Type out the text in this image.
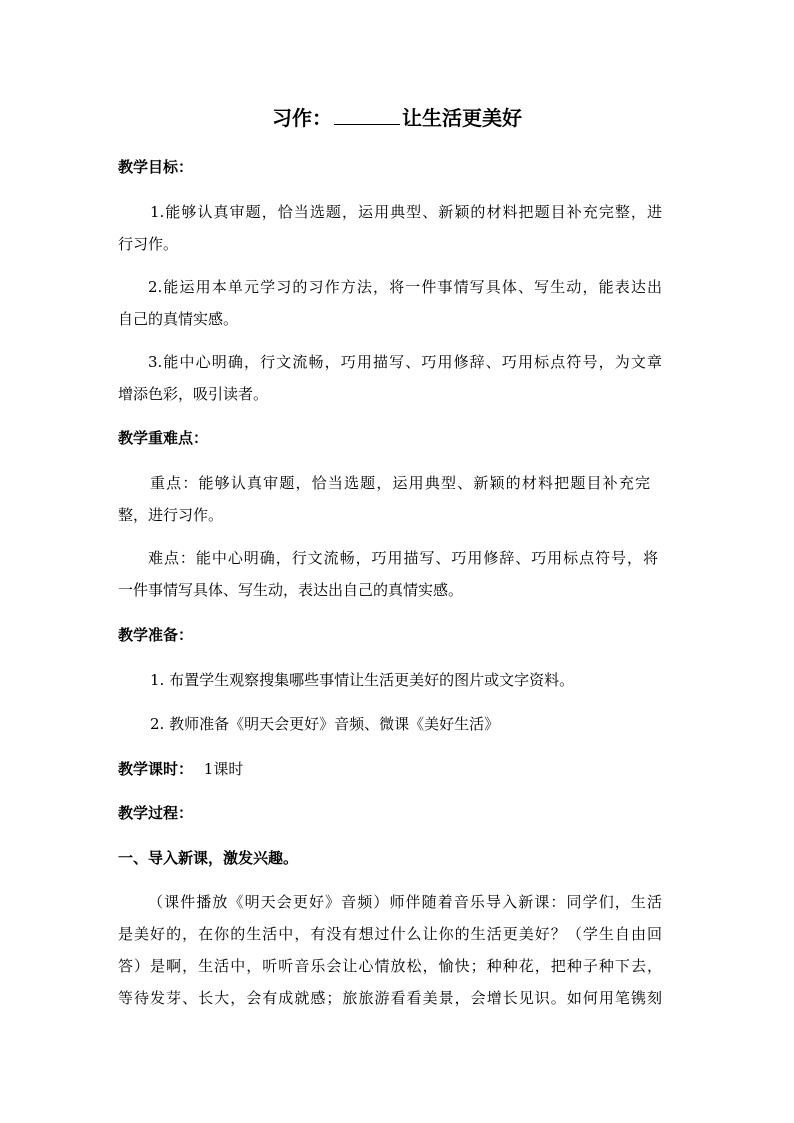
习作：	让生活更美好
教学目标：
1.能够认真审题，恰当选题，运用典型、新颖的材料把题目补充完整，进
行习作。
2.能运用本单元学习的习作方法，将一件事情写具体、写生动，能表达出
自己的真情实感。
3.能中心明确，行文流畅，巧用描写、巧用修辞、巧用标点符号，为文章
增添色彩，吸引读者。
教学重难点：
重点：能够认真审题，恰当选题，运用典型、新颖的材料把题目补充完
整，进行习作。
难点：能中心明确，行文流畅，巧用描写、巧用修辞、巧用标点符号，将
一件事情写具体、写生动，表达出自己的真情实感。
教学准备：
1. 布置学生观察搜集哪些事情让生活更美好的图片或文字资料。
2. 教师准备《明天会更好》音频、微课《美好生活》
教学课时： 1课时
教学过程：
一、导入新课，激发兴趣。
（课件播放《明天会更好》音频）师伴随着音乐导入新课：同学们，生活
是美好的，在你的生活中，有没有想过什么让你的生活更美好？（学生自由回
答）是啊，生活中，听听音乐会让心情放松，愉快；种种花，把种子种下去，
等待发芽、长大，会有成就感；旅旅游看看美景，会增长见识。如何用笔镌刻
